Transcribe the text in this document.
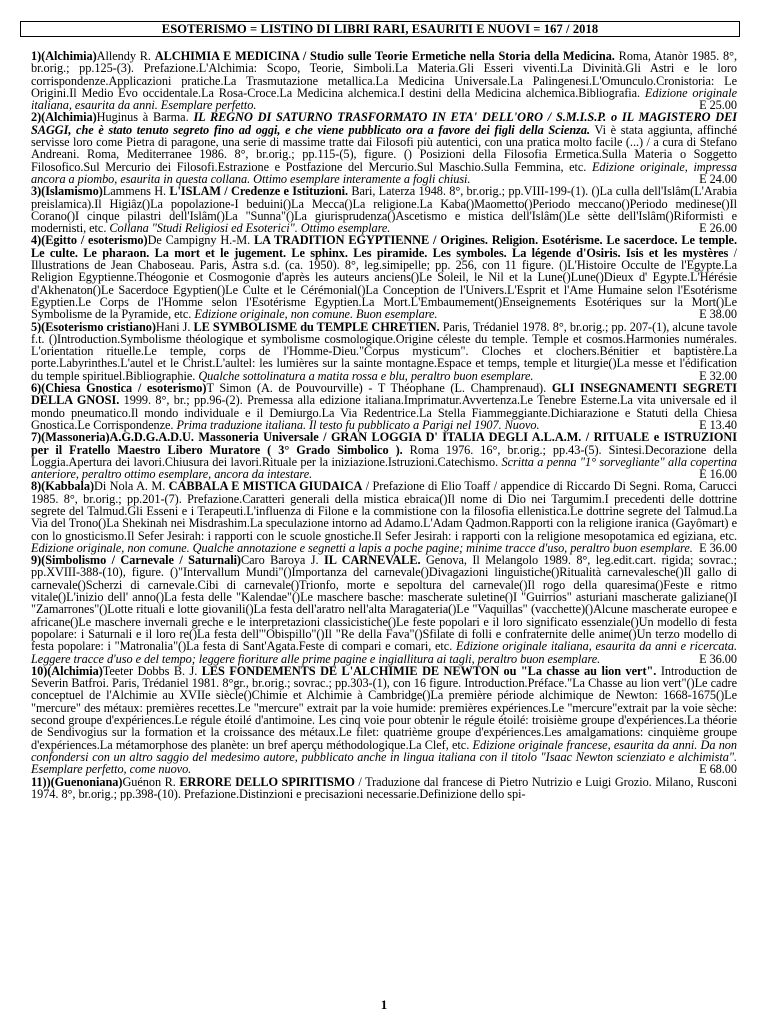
ESOTERISMO = LISTINO DI LIBRI RARI, ESAURITI E NUOVI = 167 / 2018

1)(Alchimia)Allendy R. ALCHIMIA E MEDICINA / Studio sulle Teorie Ermetiche nella Storia della Medicina. Roma, Atanòr 1985. 8°, br.orig.; pp.125-(3). Prefazione.L'Alchimia: Scopo, Teorie, Simboli.La Materia.Gli Esseri viventi.La Divinità.Gli Astri e le loro corrispondenze.Applicazioni pratiche.La Trasmutazione metallica.La Medicina Universale.La Palingenesi.L'Omunculo.Cronistoria: Le Origini.Il Medio Evo occidentale.La Rosa-Croce.La Medicina alchemica.I destini della Medicina alchemica.Bibliografia. Edizione originale italiana, esaurita da anni. Esemplare perfetto.	E 25.00

2)(Alchimia)Huginus à Barma. IL REGNO DI SATURNO TRASFORMATO IN ETA' DELL'ORO / S.M.I.S.P. o IL MAGISTERO DEI SAGGI, che è stato tenuto segreto fino ad oggi, e che viene pubblicato ora a favore dei figli della Scienza. Vi è stata aggiunta, affinché servisse loro come Pietra di paragone, una serie di massime tratte dai Filosofi più autentici, con una pratica molto facile (...) / a cura di Stefano Andreani. Roma, Mediterranee 1986. 8°, br.orig.; pp.115-(5), figure. () Posizioni della Filosofia Ermetica.Sulla Materia o Soggetto Filosofico.Sul Mercurio dei Filosofi.Estrazione e Postfazione del Mercurio.Sul Maschio.Sulla Femmina, etc. Edizione originale, impressa ancora a piombo, esaurita in questa collana. Ottimo esemplare interamente a fogli chiusi.	E 24.00

3)(Islamismo)Lammens H. L'ISLAM / Credenze e Istituzioni. Bari, Laterza 1948. 8°, br.orig.; pp.VIII-199-(1). ()La culla dell'Islâm(L'Arabia preislamica).Il Higiâz()La popolazione-I beduini()La Mecca()La religione.La Kaba()Maometto()Periodo meccano()Periodo medinese()Il Corano()I cinque pilastri dell'Islâm()La "Sunna"()La giurisprudenza()Ascetismo e mistica dell'Islâm()Le sètte dell'Islâm()Riformisti e modernisti, etc. Collana "Studi Religiosi ed Esoterici". Ottimo esemplare.	E 26.00

4)(Egitto / esoterismo)De Campigny H.-M. LA TRADITION EGYPTIENNE / Origines. Religion. Esotérisme. Le sacerdoce. Le temple. Le culte. Le pharaon. La mort et le jugement. Le sphinx. Les piramide. Les symboles. La légende d'Osiris. Isis et les mystères / Illustrations de Jean Chaboseau. Paris, Astra s.d. (ca. 1950). 8°, leg.simipelle; pp. 256, con 11 figure. ()L'Histoire Occulte de l'Egypte.La Religion Egyptienne.Théogonie et Cosmogonie d'après les auteurs anciens()Le Soleil, le Nil et la Lune()Lune()Dieux d' Egypte.L'Hérésie d'Akhenaton()Le Sacerdoce Egyptien()Le Culte et le Cérémonial()La Conception de l'Univers.L'Esprit et l'Ame Humaine selon l'Esotérisme Egyptien.Le Corps de l'Homme selon l'Esotérisme Egyptien.La Mort.L'Embaumement()Enseignements Esotériques sur la Mort()Le Symbolisme de la Pyramide, etc. Edizione originale, non comune. Buon esemplare.	E 38.00

5)(Esoterismo cristiano)Hani J. LE SYMBOLISME du TEMPLE CHRETIEN. Paris, Trédaniel 1978. 8°, br.orig.; pp. 207-(1), alcune tavole f.t. ()Introduction.Symbolisme théologique et symbolisme cosmologique.Origine céleste du temple. Temple et cosmos.Harmonies numérales. L'orientation rituelle.Le temple, corps de l'Homme-Dieu."Corpus mysticum". Cloches et clochers.Bénitier et baptistère.La porte.Labyrinthes.L'autel et le Christ.L'aultel: les lumières sur la sainte montagne.Espace et temps, temple et liturgie()La messe et l'édification du temple spirituel.Bibliographie. Qualche sottolinatura a matita rossa e blu, peraltro buon esemplare.	E 32.00

6)(Chiesa Gnostica / esoterismo)T Simon (A. de Pouvourville) - T Théophane (L. Champrenaud). GLI INSEGNAMENTI SEGRETI DELLA GNOSI. 1999. 8°, br.; pp.96-(2). Premessa alla edizione italiana.Imprimatur.Avvertenza.Le Tenebre Esterne.La vita universale ed il mondo pneumatico.Il mondo individuale e il Demiurgo.La Via Redentrice.La Stella Fiammeggiante.Dichiarazione e Statuti della Chiesa Gnostica.Le Corrispondenze. Prima traduzione italiana. Il testo fu pubblicato a Parigi nel 1907. Nuovo.	E 13.40

7)(Massoneria)A.G.D.G.A.D.U. Massoneria Universale / GRAN LOGGIA D' ITALIA DEGLI A.L.A.M. / RITUALE e ISTRUZIONI per il Fratello Maestro Libero Muratore ( 3° Grado Simbolico ). Roma 1976. 16°, br.orig.; pp.43-(5). Sintesi.Decorazione della Loggia.Apertura dei lavori.Chiusura dei lavori.Rituale per la iniziazione.Istruzioni.Catechismo. Scritta a penna "1° sorvegliante" alla copertina anteriore, peraltro ottimo esemplare, ancora da intestare.	E 16.00

8)(Kabbala)Di Nola A. M. CABBALA E MISTICA GIUDAICA / Prefazione di Elio Toaff / appendice di Riccardo Di Segni. Roma, Carucci 1985. 8°, br.orig.; pp.201-(7). Prefazione.Caratteri generali della mistica ebraica()Il nome di Dio nei Targumim.I precedenti delle dottrine segrete del Talmud.Gli Esseni e i Terapeuti.L'influenza di Filone e la commistione con la filosofia ellenistica.Le dottrine segrete del Talmud.La Via del Trono()La Shekinah nei Misdrashim.La speculazione intorno ad Adamo.L'Adam Qadmon.Rapporti con la religione iranica (Gayômart) e con lo gnosticismo.Il Sefer Jesirah: i rapporti con le scuole gnostiche.Il Sefer Jesirah: i rapporti con la religione mesopotamica ed egiziana, etc. Edizione originale, non comune. Qualche annotazione e segnetti a lapis a poche pagine; minime tracce d'uso, peraltro buon esemplare. E 36.00

9)(Simbolismo / Carnevale / Saturnali)Caro Baroya J. IL CARNEVALE. Genova, Il Melangolo 1989. 8°, leg.edit.cart. rigida; sovrac.; pp.XVIII-388-(10), figure. ()"Intervallum Mundi"()Importanza del carnevale()Divagazioni linguistiche()Ritualità carnevalesche()Il gallo di carnevale()Scherzi di carnevale.Cibi di carnevale()Trionfo, morte e sepoltura del carnevale()Il rogo della quaresima()Feste e ritmo vitale()L'inizio dell' anno()La festa delle "Kalendae"()Le maschere basche: mascherate suletine()I "Guirrios" asturiani mascherate galiziane()I "Zamarrones"()Lotte rituali e lotte giovanili()La festa dell'aratro nell'alta Maragateria()Le "Vaquillas" (vacchette)()Alcune mascherate europee e africane()Le maschere invernali greche e le interpretazioni classicistiche()Le feste popolari e il loro significato essenziale()Un modello di festa popolare: i Saturnali e il loro re()La festa dell'"Obispillo"()Il "Re della Fava"()Sfilate di folli e confraternite delle anime()Un terzo modello di festa popolare: i "Matronalia"()La festa di Sant'Agata.Feste di compari e comari, etc. Edizione originale italiana, esaurita da anni e ricercata. Leggere tracce d'uso e del tempo; leggere fioriture alle prime pagine e ingiallitura ai tagli, peraltro buon esemplare.	E 36.00

10)(Alchimia)Teeter Dobbs B. J. LES FONDEMENTS DE L'ALCHIMIE DE NEWTON ou "La chasse au lion vert". Introduction de Severin Batfroi. Paris, Trédaniel 1981. 8°gr., br.orig.; sovrac.; pp.303-(1), con 16 figure. Introduction.Préface."La Chasse au lion vert"()Le cadre conceptuel de l'Alchimie au XVIIe siècle()Chimie et Alchimie à Cambridge()La première période alchimique de Newton: 1668-1675()Le "mercure" des métaux: premières recettes.Le "mercure" extrait par la voie humide: premières expériences.Le "mercure"extrait par la voie sèche: second groupe d'expériences.Le régule étoilé d'antimoine. Les cinq voie pour obtenir le régule étoilé: troisième groupe d'expériences.La théorie de Sendivogius sur la formation et la croissance des métaux.Le filet: quatrième groupe d'expériences.Les amalgamations: cinquième groupe d'expériences.La métamorphose des planète: un bref aperçu méthodologique.La Clef, etc. Edizione originale francese, esaurita da anni. Da non confondersi con un altro saggio del medesimo autore, pubblicato anche in lingua italiana con il titolo "Isaac Newton scienziato e alchimista". Esemplare perfetto, come nuovo.	E 68.00

11))(Guenoniana)Guénon R. ERRORE DELLO SPIRITISMO / Traduzione dal francese di Pietro Nutrizio e Luigi Grozio. Milano, Rusconi 1974. 8°, br.orig.; pp.398-(10). Prefazione.Distinzioni e precisazioni necessarie.Definizione dello spi-

1
